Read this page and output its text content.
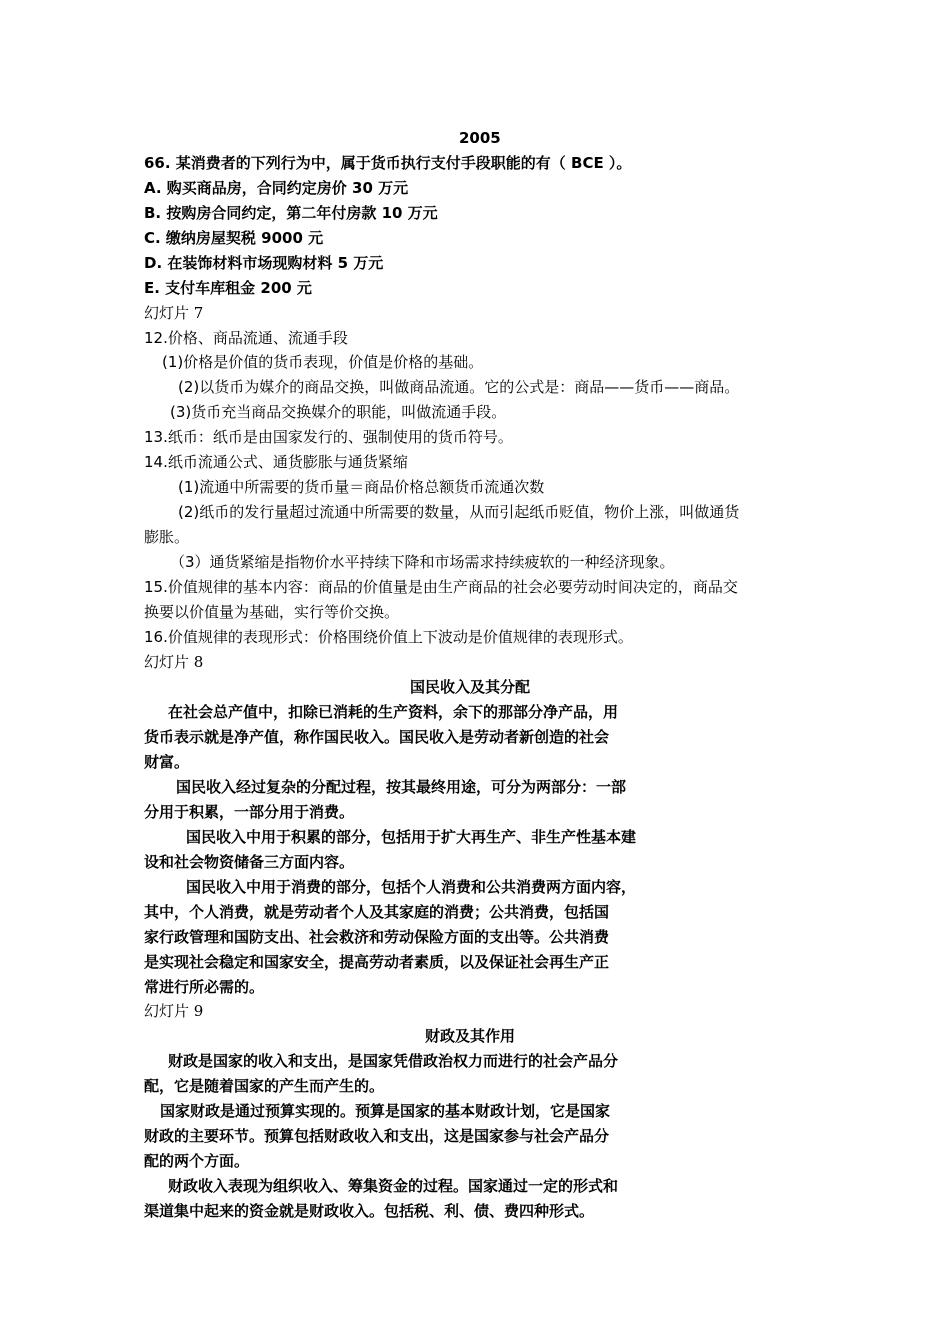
2005
66. 某消费者的下列行为中，属于货币执行支付手段职能的有（ BCE ）。
A. 购买商品房，合同约定房价 30 万元
B. 按购房合同约定，第二年付房款 10 万元
C. 缴纳房屋契税 9000 元
D. 在装饰材料市场现购材料 5 万元
E. 支付车库租金 200 元
幻灯片 7
12.价格、商品流通、流通手段
(1)价格是价值的货币表现，价值是价格的基础。
(2)以货币为媒介的商品交换，叫做商品流通。它的公式是：商品——货币——商品。
(3)货币充当商品交换媒介的职能，叫做流通手段。
13.纸币：纸币是由国家发行的、强制使用的货币符号。
14.纸币流通公式、通货膨胀与通货紧缩
(1)流通中所需要的货币量＝商品价格总额货币流通次数
(2)纸币的发行量超过流通中所需要的数量，从而引起纸币贬值，物价上涨，叫做通货
膨胀。
（3）通货紧缩是指物价水平持续下降和市场需求持续疲软的一种经济现象。
15.价值规律的基本内容：商品的价值量是由生产商品的社会必要劳动时间决定的，商品交
换要以价值量为基础，实行等价交换。
16.价值规律的表现形式：价格围绕价值上下波动是价值规律的表现形式。
幻灯片 8
国民收入及其分配
在社会总产值中，扣除已消耗的生产资料，余下的那部分净产品，用
货币表示就是净产值，称作国民收入。国民收入是劳动者新创造的社会
财富。
国民收入经过复杂的分配过程，按其最终用途，可分为两部分：一部
分用于积累，一部分用于消费。
国民收入中用于积累的部分，包括用于扩大再生产、非生产性基本建
设和社会物资储备三方面内容。
国民收入中用于消费的部分，包括个人消费和公共消费两方面内容，
其中，个人消费，就是劳动者个人及其家庭的消费；公共消费，包括国
家行政管理和国防支出、社会救济和劳动保险方面的支出等。公共消费
是实现社会稳定和国家安全，提高劳动者素质，以及保证社会再生产正
常进行所必需的。
幻灯片 9
财政及其作用
财政是国家的收入和支出，是国家凭借政治权力而进行的社会产品分
配，它是随着国家的产生而产生的。
国家财政是通过预算实现的。预算是国家的基本财政计划，它是国家
财政的主要环节。预算包括财政收入和支出，这是国家参与社会产品分
配的两个方面。
财政收入表现为组织收入、筹集资金的过程。国家通过一定的形式和
渠道集中起来的资金就是财政收入。包括税、利、债、费四种形式。
